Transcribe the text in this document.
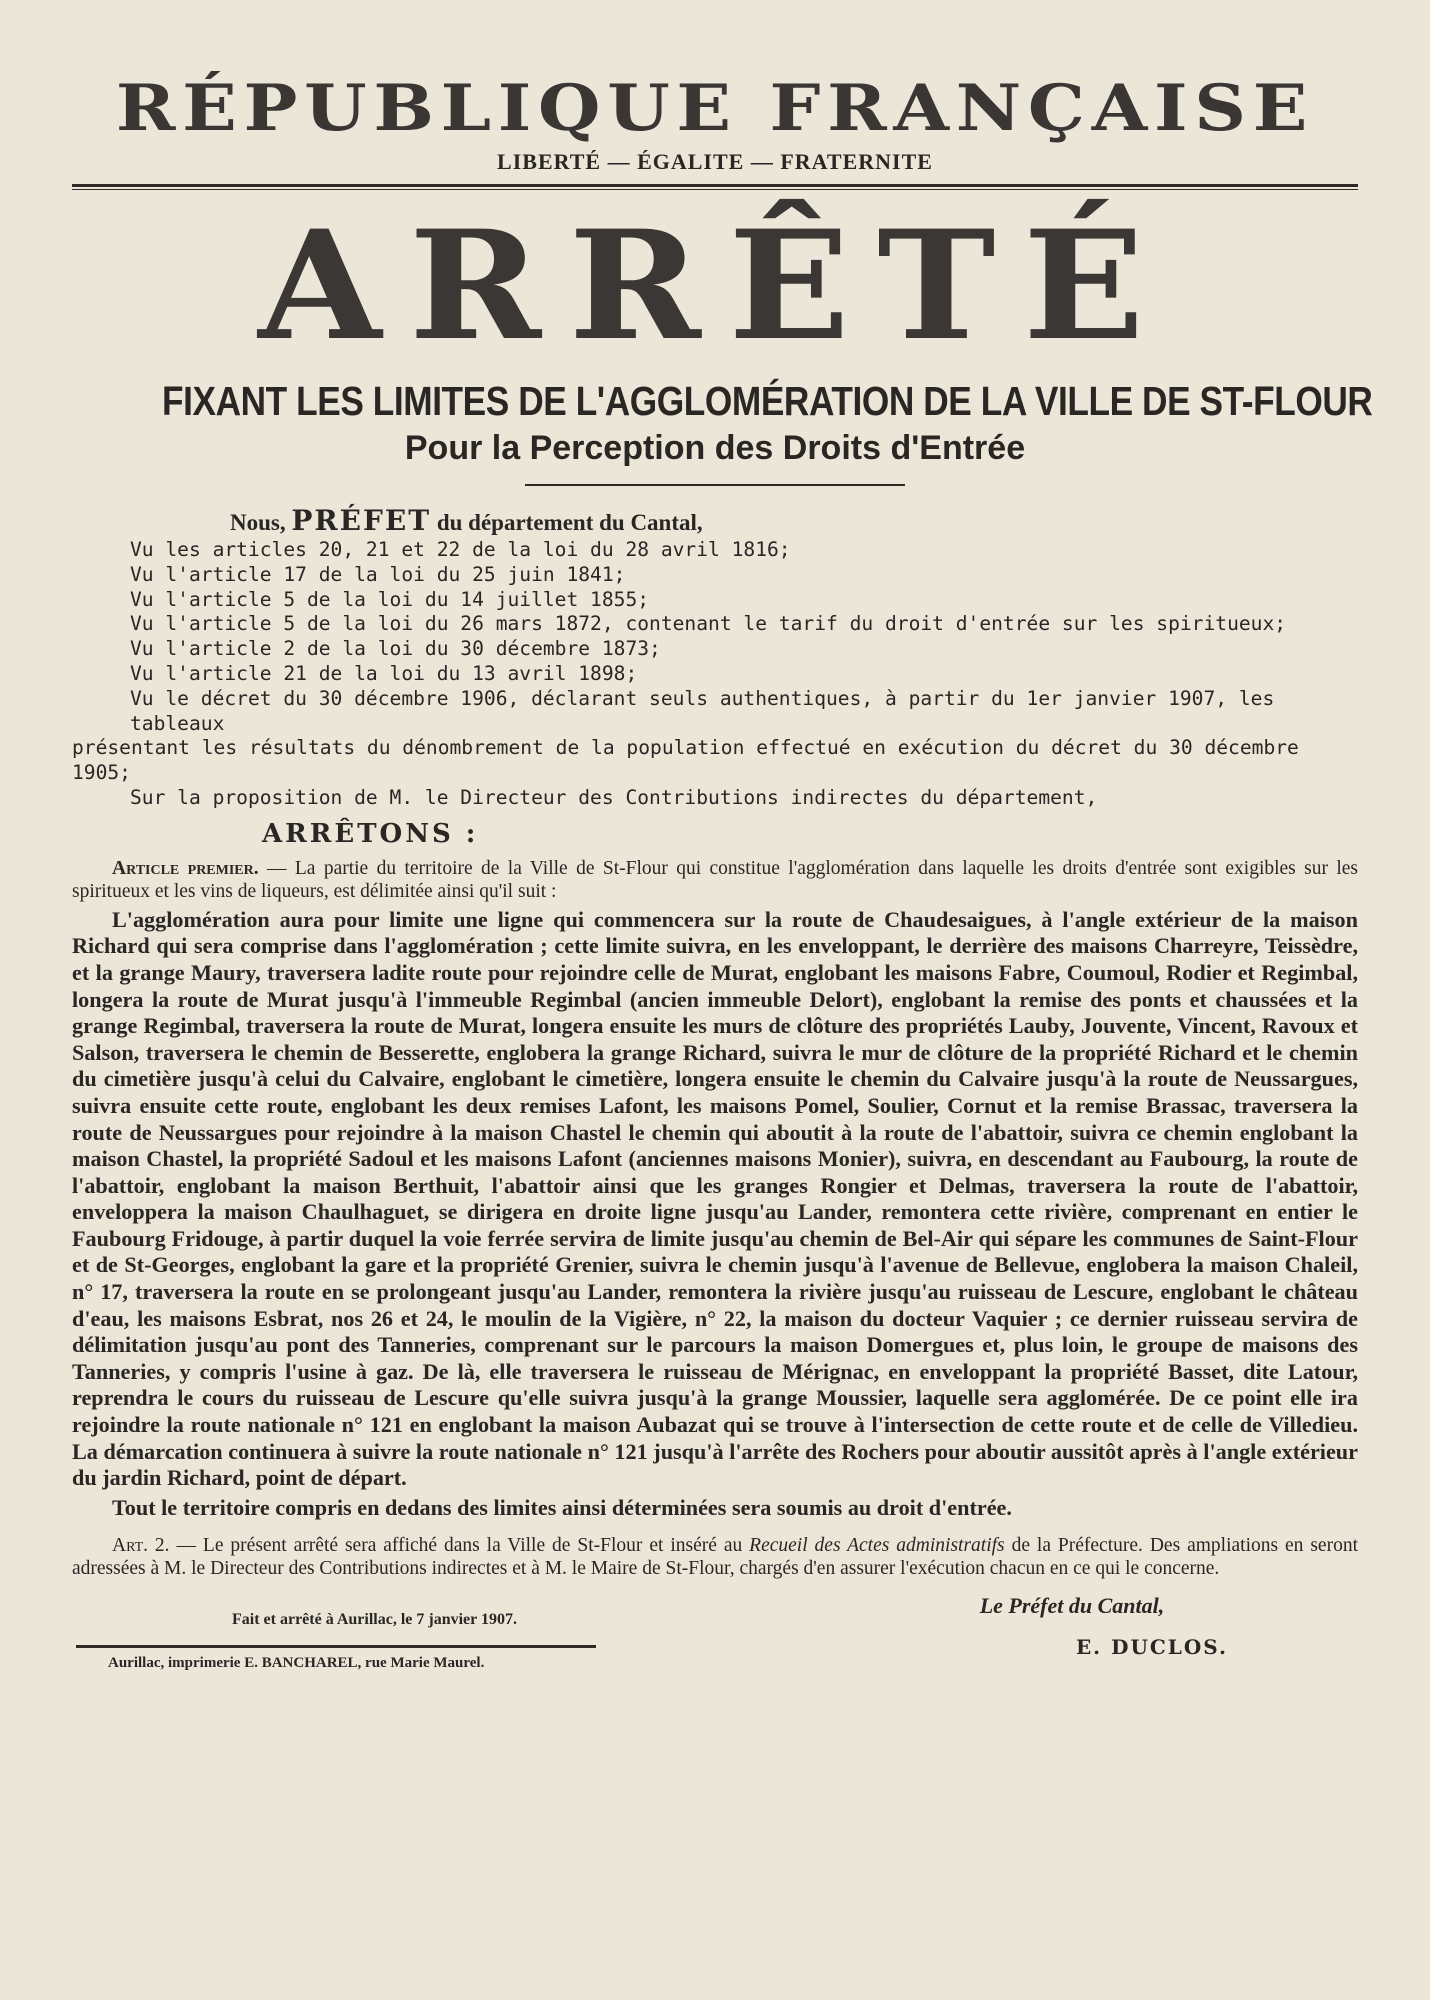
RÉPUBLIQUE FRANÇAISE
LIBERTÉ — ÉGALITE — FRATERNITE
ARRÊTÉ
FIXANT LES LIMITES DE L'AGGLOMÉRATION DE LA VILLE DE ST-FLOUR
Pour la Perception des Droits d'Entrée
Nous, PRÉFET du département du Cantal,
Vu les articles 20, 21 et 22 de la loi du 28 avril 1816;
Vu l'article 17 de la loi du 25 juin 1841;
Vu l'article 5 de la loi du 14 juillet 1855;
Vu l'article 5 de la loi du 26 mars 1872, contenant le tarif du droit d'entrée sur les spiritueux;
Vu l'article 2 de la loi du 30 décembre 1873;
Vu l'article 21 de la loi du 13 avril 1898;
Vu le décret du 30 décembre 1906, déclarant seuls authentiques, à partir du 1er janvier 1907, les tableaux
présentant les résultats du dénombrement de la population effectué en exécution du décret du 30 décembre 1905;
Sur la proposition de M. le Directeur des Contributions indirectes du département,
ARRÊTONS :

Article premier. — La partie du territoire de la Ville de St-Flour qui constitue l'agglomération dans laquelle les droits d'entrée sont exigibles sur les spiritueux et les vins de liqueurs, est délimitée ainsi qu'il suit :

L'agglomération aura pour limite une ligne qui commencera sur la route de Chaudesaigues, à l'angle extérieur de la maison Richard qui sera comprise dans l'agglomération ; cette limite suivra, en les enveloppant, le derrière des maisons Charreyre, Teissèdre, et la grange Maury, traversera ladite route pour rejoindre celle de Murat, englobant les maisons Fabre, Coumoul, Rodier et Regimbal, longera la route de Murat jusqu'à l'immeuble Regimbal (ancien immeuble Delort), englobant la remise des ponts et chaussées et la grange Regimbal, traversera la route de Murat, longera ensuite les murs de clôture des propriétés Lauby, Jouvente, Vincent, Ravoux et Salson, traversera le chemin de Besserette, englobera la grange Richard, suivra le mur de clôture de la propriété Richard et le chemin du cimetière jusqu'à celui du Calvaire, englobant le cimetière, longera ensuite le chemin du Calvaire jusqu'à la route de Neussargues, suivra ensuite cette route, englobant les deux remises Lafont, les maisons Pomel, Soulier, Cornut et la remise Brassac, traversera la route de Neussargues pour rejoindre à la maison Chastel le chemin qui aboutit à la route de l'abattoir, suivra ce chemin englobant la maison Chastel, la propriété Sadoul et les maisons Lafont (anciennes maisons Monier), suivra, en descendant au Faubourg, la route de l'abattoir, englobant la maison Berthuit, l'abattoir ainsi que les granges Rongier et Delmas, traversera la route de l'abattoir, enveloppera la maison Chaulhaguet, se dirigera en droite ligne jusqu'au Lander, remontera cette rivière, comprenant en entier le Faubourg Fridouge, à partir duquel la voie ferrée servira de limite jusqu'au chemin de Bel-Air qui sépare les communes de Saint-Flour et de St-Georges, englobant la gare et la propriété Grenier, suivra le chemin jusqu'à l'avenue de Bellevue, englobera la maison Chaleil, n° 17, traversera la route en se prolongeant jusqu'au Lander, remontera la rivière jusqu'au ruisseau de Lescure, englobant le château d'eau, les maisons Esbrat, nos 26 et 24, le moulin de la Vigière, n° 22, la maison du docteur Vaquier ; ce dernier ruisseau servira de délimitation jusqu'au pont des Tanneries, comprenant sur le parcours la maison Domergues et, plus loin, le groupe de maisons des Tanneries, y compris l'usine à gaz. De là, elle traversera le ruisseau de Mérignac, en enveloppant la propriété Basset, dite Latour, reprendra le cours du ruisseau de Lescure qu'elle suivra jusqu'à la grange Moussier, laquelle sera agglomérée. De ce point elle ira rejoindre la route nationale n° 121 en englobant la maison Aubazat qui se trouve à l'intersection de cette route et de celle de Villedieu. La démarcation continuera à suivre la route nationale n° 121 jusqu'à l'arrête des Rochers pour aboutir aussitôt après à l'angle extérieur du jardin Richard, point de départ.

Tout le territoire compris en dedans des limites ainsi déterminées sera soumis au droit d'entrée.

Art. 2. — Le présent arrêté sera affiché dans la Ville de St-Flour et inséré au Recueil des Actes administratifs de la Préfecture. Des ampliations en seront adressées à M. le Directeur des Contributions indirectes et à M. le Maire de St-Flour, chargés d'en assurer l'exécution chacun en ce qui le concerne.

Fait et arrêté à Aurillac, le 7 janvier 1907.
Aurillac, imprimerie E. BANCHAREL, rue Marie Maurel.
Le Préfet du Cantal,
E. DUCLOS.
